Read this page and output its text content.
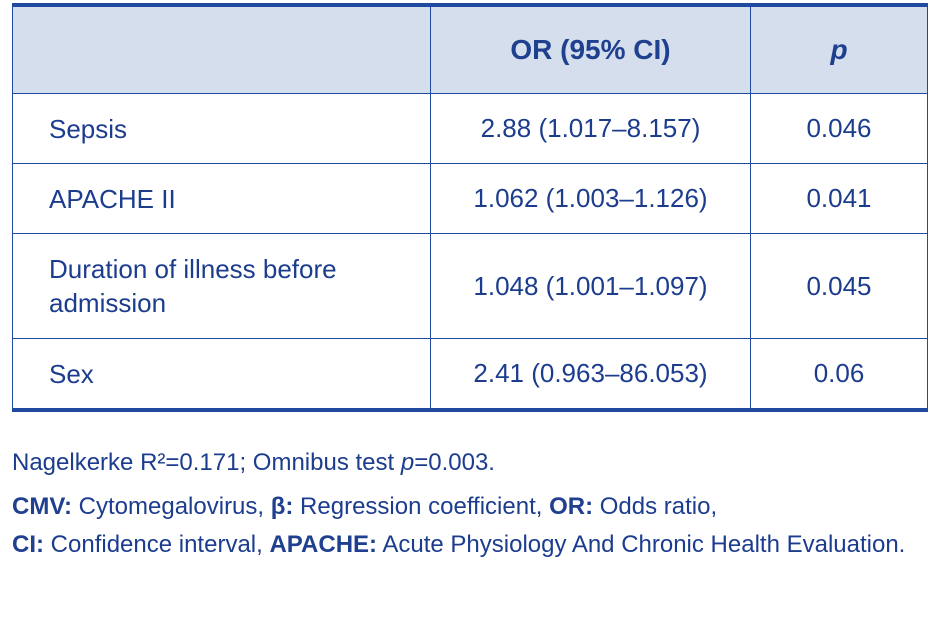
	OR (95% CI)	p
Sepsis	2.88 (1.017–8.157)	0.046
APACHE II	1.062 (1.003–1.126)	0.041
Duration of illness before admission	1.048 (1.001–1.097)	0.045
Sex	2.41 (0.963–86.053)	0.06

Nagelkerke R²=0.171; Omnibus test p=0.003.

CMV: Cytomegalovirus, β: Regression coefficient, OR: Odds ratio,
CI: Confidence interval, APACHE: Acute Physiology And Chronic Health Evaluation.
